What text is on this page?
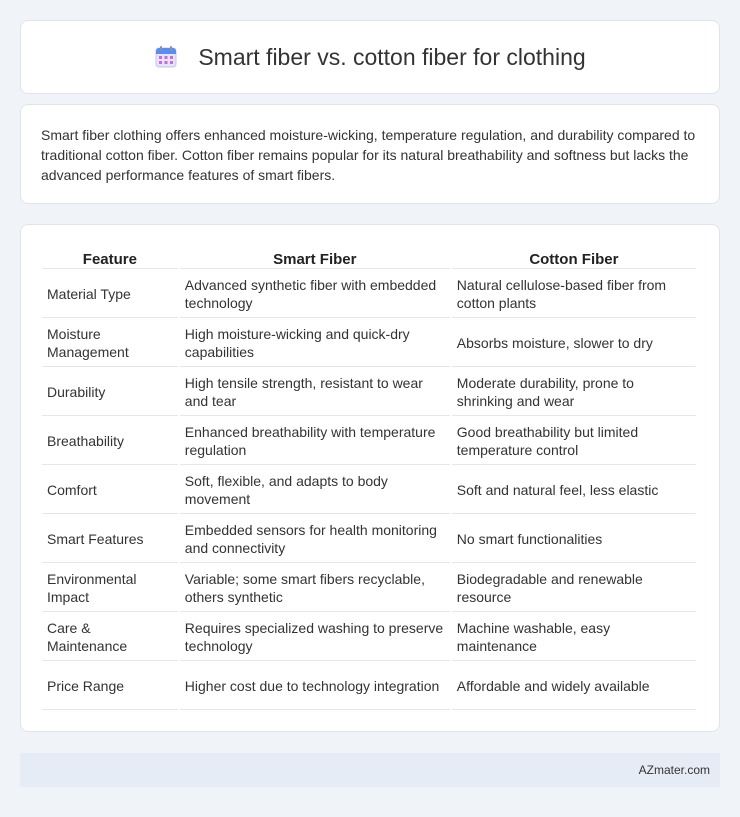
Smart fiber vs. cotton fiber for clothing

Smart fiber clothing offers enhanced moisture-wicking, temperature regulation, and durability compared to traditional cotton fiber. Cotton fiber remains popular for its natural breathability and softness but lacks the advanced performance features of smart fibers.

Feature	Smart Fiber	Cotton Fiber
Material Type	Advanced synthetic fiber with embedded technology	Natural cellulose-based fiber from cotton plants
Moisture Management	High moisture-wicking and quick-dry capabilities	Absorbs moisture, slower to dry
Durability	High tensile strength, resistant to wear and tear	Moderate durability, prone to shrinking and wear
Breathability	Enhanced breathability with temperature regulation	Good breathability but limited temperature control
Comfort	Soft, flexible, and adapts to body movement	Soft and natural feel, less elastic
Smart Features	Embedded sensors for health monitoring and connectivity	No smart functionalities
Environmental Impact	Variable; some smart fibers recyclable, others synthetic	Biodegradable and renewable resource
Care & Maintenance	Requires specialized washing to preserve technology	Machine washable, easy maintenance
Price Range	Higher cost due to technology integration	Affordable and widely available
AZmater.com
